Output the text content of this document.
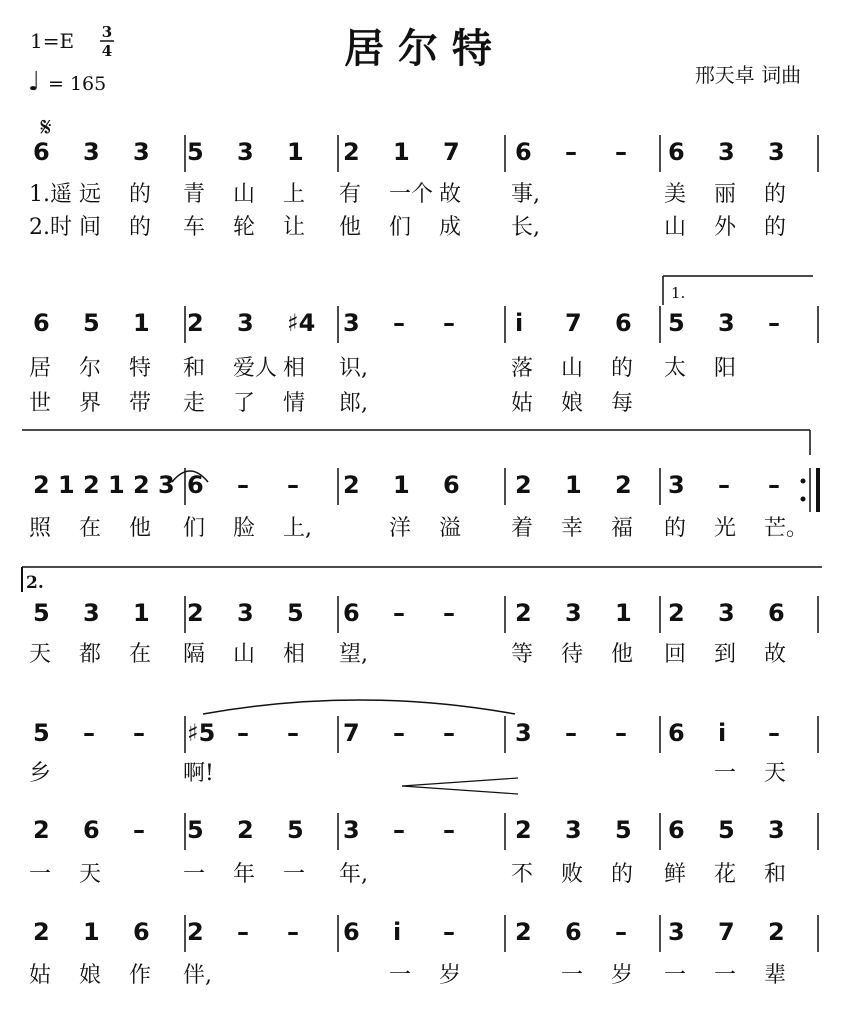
1=E 3
4
♩ = 165
居 尔 特
邢天卓 词曲
𝄋
6 3 3 5 3 1 2 1 7 6 – – 6 3 3
1.遥 远 的 青 山 上 有 一个 故 事,	美 丽 的
2.时 间 的 车 轮 让 他 们 成 长,	山 外 的
6 5 1 2 3 ♯4 3 – –	i 7 6 5 3 –
居 尔 特 和 爱人 相 识,	落 山 的 太 阳
世 界 带 走 了 情 郎,	姑 娘 每
2 1 2 1 2 3 6 – – 2 1 6 2 1 2 3 – –
照 在 他 们 脸 上,	洋 溢 着 幸 福 的 光 芒。
5 3 1 2 3 5 6 – –	2 3 1 2 3 6
天 都 在 隔 山 相 望,	等 待 他 回 到 故
5 – – ♯5 – – 7 – –	3 – – 6 i –
乡	啊!	一 天
2 6 – 5 2 5 3 – –	2 3 5 6 5 3
一 天	一 年 一 年,	不 败 的 鲜 花 和
2 1 6 2 – – 6 i –	2 6 – 3 7 2
姑 娘 作 伴,	一 岁	一 岁	一 辈
一
1.
2.
